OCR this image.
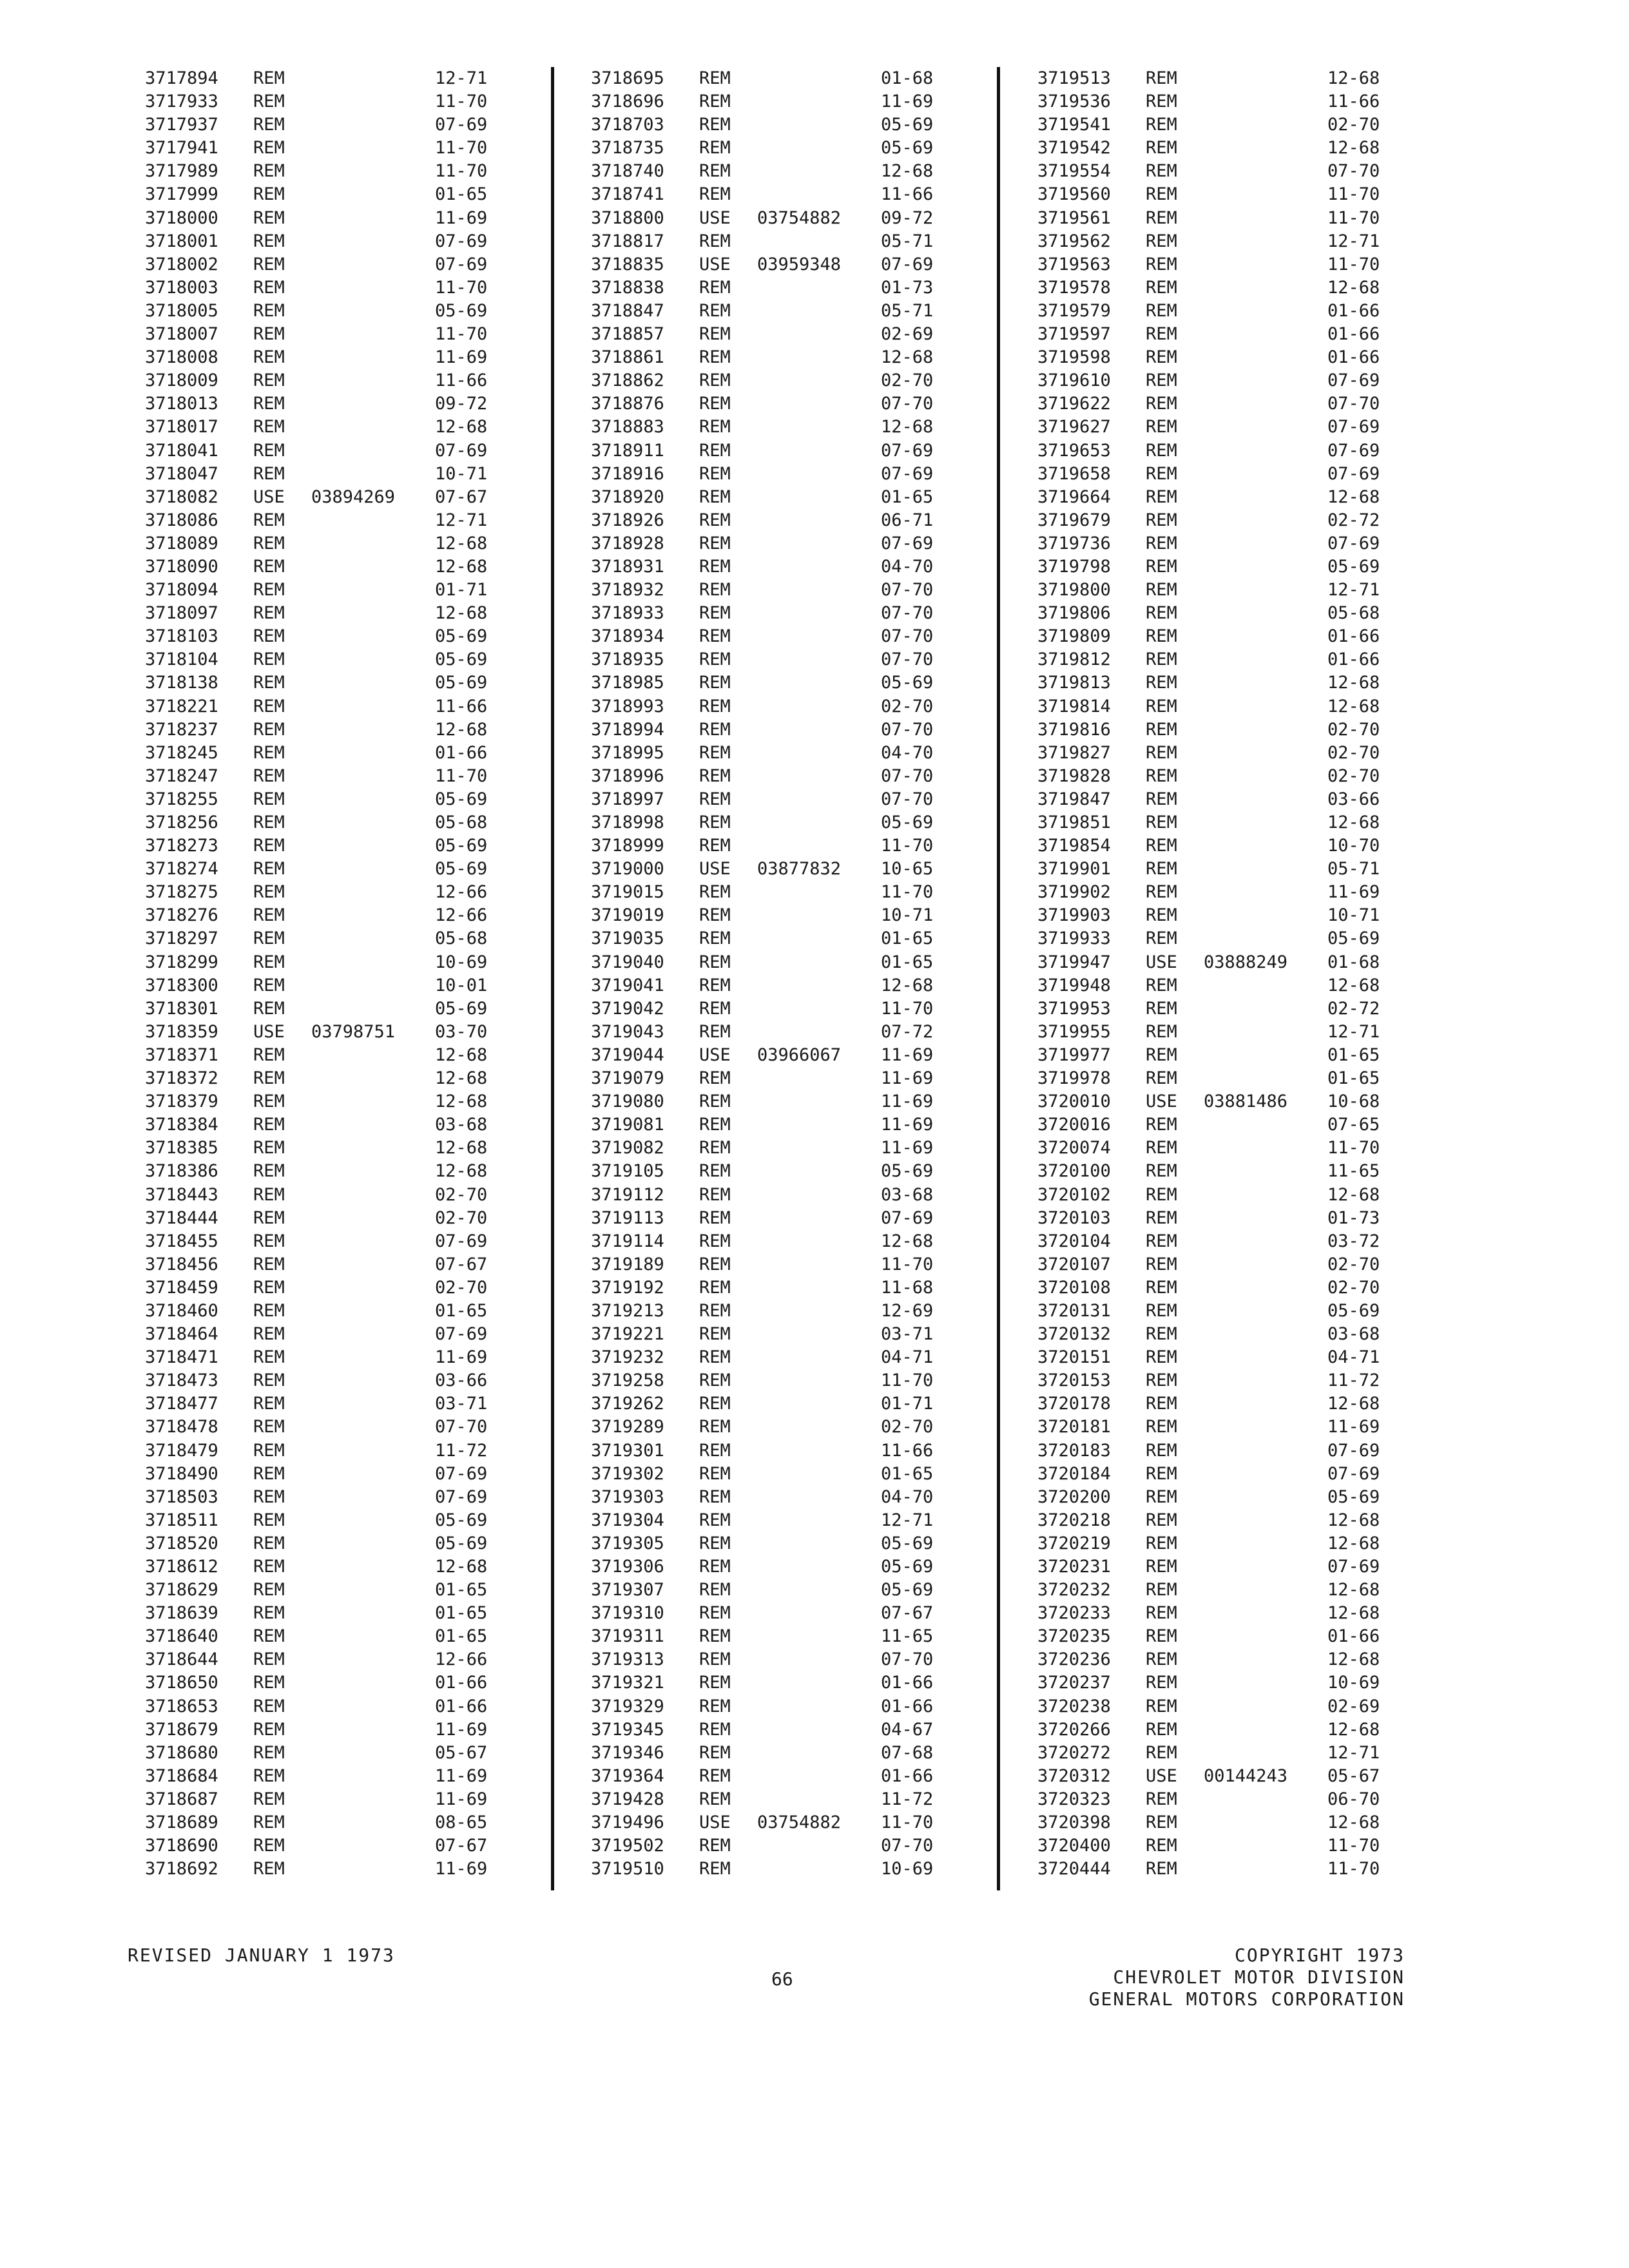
3717894 REM	12-71
3717933 REM	11-70
3717937 REM	07-69
3717941 REM	11-70
3717989 REM	11-70
3717999 REM	01-65
3718000 REM	11-69
3718001 REM	07-69
3718002 REM	07-69
3718003 REM	11-70
3718005 REM	05-69
3718007 REM	11-70
3718008 REM	11-69
3718009 REM	11-66
3718013 REM	09-72
3718017 REM	12-68
3718041 REM	07-69
3718047 REM	10-71
3718082 USE 03894269 07-67
3718086 REM	12-71
3718089 REM	12-68
3718090 REM	12-68
3718094 REM	01-71
3718097 REM	12-68
3718103 REM	05-69
3718104 REM	05-69
3718138 REM	05-69
3718221 REM	11-66
3718237 REM	12-68
3718245 REM	01-66
3718247 REM	11-70
3718255 REM	05-69
3718256 REM	05-68
3718273 REM	05-69
3718274 REM	05-69
3718275 REM	12-66
3718276 REM	12-66
3718297 REM	05-68
3718299 REM	10-69
3718300 REM	10-01
3718301 REM	05-69
3718359 USE 03798751 03-70
3718371 REM	12-68
3718372 REM	12-68
3718379 REM	12-68
3718384 REM	03-68
3718385 REM	12-68
3718386 REM	12-68
3718443 REM	02-70
3718444 REM	02-70
3718455 REM	07-69
3718456 REM	07-67
3718459 REM	02-70
3718460 REM	01-65
3718464 REM	07-69
3718471 REM	11-69
3718473 REM	03-66
3718477 REM	03-71
3718478 REM	07-70
3718479 REM	11-72
3718490 REM	07-69
3718503 REM	07-69
3718511 REM	05-69
3718520 REM	05-69
3718612 REM	12-68
3718629 REM	01-65
3718639 REM	01-65
3718640 REM	01-65
3718644 REM	12-66
3718650 REM	01-66
3718653 REM	01-66
3718679 REM	11-69
3718680 REM	05-67
3718684 REM	11-69
3718687 REM	11-69
3718689 REM	08-65
3718690 REM	07-67
3718692 REM	11-69
3718695 REM	01-68
3718696 REM	11-69
3718703 REM	05-69
3718735 REM	05-69
3718740 REM	12-68
3718741 REM	11-66
3718800 USE 03754882 09-72
3718817 REM	05-71
3718835 USE 03959348 07-69
3718838 REM	01-73
3718847 REM	05-71
3718857 REM	02-69
3718861 REM	12-68
3718862 REM	02-70
3718876 REM	07-70
3718883 REM	12-68
3718911 REM	07-69
3718916 REM	07-69
3718920 REM	01-65
3718926 REM	06-71
3718928 REM	07-69
3718931 REM	04-70
3718932 REM	07-70
3718933 REM	07-70
3718934 REM	07-70
3718935 REM	07-70
3718985 REM	05-69
3718993 REM	02-70
3718994 REM	07-70
3718995 REM	04-70
3718996 REM	07-70
3718997 REM	07-70
3718998 REM	05-69
3718999 REM	11-70
3719000 USE 03877832 10-65
3719015 REM	11-70
3719019 REM	10-71
3719035 REM	01-65
3719040 REM	01-65
3719041 REM	12-68
3719042 REM	11-70
3719043 REM	07-72
3719044 USE 03966067 11-69
3719079 REM	11-69
3719080 REM	11-69
3719081 REM	11-69
3719082 REM	11-69
3719105 REM	05-69
3719112 REM	03-68
3719113 REM	07-69
3719114 REM	12-68
3719189 REM	11-70
3719192 REM	11-68
3719213 REM	12-69
3719221 REM	03-71
3719232 REM	04-71
3719258 REM	11-70
3719262 REM	01-71
3719289 REM	02-70
3719301 REM	11-66
3719302 REM	01-65
3719303 REM	04-70
3719304 REM	12-71
3719305 REM	05-69
3719306 REM	05-69
3719307 REM	05-69
3719310 REM	07-67
3719311 REM	11-65
3719313 REM	07-70
3719321 REM	01-66
3719329 REM	01-66
3719345 REM	04-67
3719346 REM	07-68
3719364 REM	01-66
3719428 REM	11-72
3719496 USE 03754882 11-70
3719502 REM	07-70
3719510 REM	10-69
3719513 REM	12-68
3719536 REM	11-66
3719541 REM	02-70
3719542 REM	12-68
3719554 REM	07-70
3719560 REM	11-70
3719561 REM	11-70
3719562 REM	12-71
3719563 REM	11-70
3719578 REM	12-68
3719579 REM	01-66
3719597 REM	01-66
3719598 REM	01-66
3719610 REM	07-69
3719622 REM	07-70
3719627 REM	07-69
3719653 REM	07-69
3719658 REM	07-69
3719664 REM	12-68
3719679 REM	02-72
3719736 REM	07-69
3719798 REM	05-69
3719800 REM	12-71
3719806 REM	05-68
3719809 REM	01-66
3719812 REM	01-66
3719813 REM	12-68
3719814 REM	12-68
3719816 REM	02-70
3719827 REM	02-70
3719828 REM	02-70
3719847 REM	03-66
3719851 REM	12-68
3719854 REM	10-70
3719901 REM	05-71
3719902 REM	11-69
3719903 REM	10-71
3719933 REM	05-69
3719947 USE 03888249 01-68
3719948 REM	12-68
3719953 REM	02-72
3719955 REM	12-71
3719977 REM	01-65
3719978 REM	01-65
3720010 USE 03881486 10-68
3720016 REM	07-65
3720074 REM	11-70
3720100 REM	11-65
3720102 REM	12-68
3720103 REM	01-73
3720104 REM	03-72
3720107 REM	02-70
3720108 REM	02-70
3720131 REM	05-69
3720132 REM	03-68
3720151 REM	04-71
3720153 REM	11-72
3720178 REM	12-68
3720181 REM	11-69
3720183 REM	07-69
3720184 REM	07-69
3720200 REM	05-69
3720218 REM	12-68
3720219 REM	12-68
3720231 REM	07-69
3720232 REM	12-68
3720233 REM	12-68
3720235 REM	01-66
3720236 REM	12-68
3720237 REM	10-69
3720238 REM	02-69
3720266 REM	12-68
3720272 REM	12-71
3720312 USE 00144243 05-67
3720323 REM	06-70
3720398 REM	12-68
3720400 REM	11-70
3720444 REM	11-70
REVISED JANUARY 1 1973
66
COPYRIGHT 1973
CHEVROLET MOTOR DIVISION
GENERAL MOTORS CORPORATION
